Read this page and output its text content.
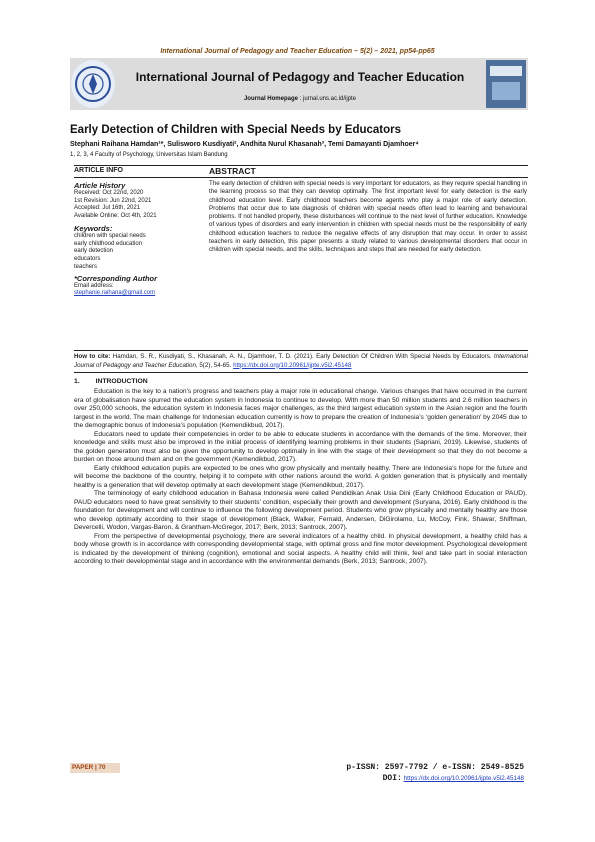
International Journal of Pedagogy and Teacher Education – 5(2) – 2021, pp54-pp65
International Journal of Pedagogy and Teacher Education
Journal Homepage : jurnal.uns.ac.id/ijpte
Early Detection of Children with Special Needs by Educators
Stephani Raihana Hamdan¹*, Sulisworo Kusdiyati², Andhita Nurul Khasanah³, Temi Damayanti Djamhoer⁴
1, 2, 3, 4 Faculty of Psychology, Universitas Islam Bandung
ARTICLE INFO	ABSTRACT
Article History
Received: Oct 22nd, 2020
1st Revision: Jun 22nd, 2021
Accepted: Jul 16th, 2021
Available Online: Oct 4th, 2021
Keywords:
children with special needs
early childhood education
early detection
educators
teachers
*Corresponding Author
Email address:
stephanie.raihana@gmail.com
The early detection of children with special needs is very important for educators, as they require special handling in the learning process so that they can develop optimally. The first important level for early detection is the early childhood education level. Early childhood teachers become agents who play a major role of early detection. Problems that occur due to late diagnosis of children with special needs often lead to learning and behavioural problems. If not handled properly, these disturbances will continue to the next level of further education. Knowledge of various types of disorders and early intervention in children with special needs must be the responsibility of early childhood education teachers to reduce the negative effects of any disruption that may occur. In order to assist teachers in early detection, this paper presents a study related to various developmental disorders that occur in children with special needs, and the skills, techniques and steps that are needed for early detection.
How to cite: Hamdan, S. R., Kusdiyati, S., Khasanah, A. N., Djamhoer, T. D. (2021). Early Detection Of Children With Special Needs by Educators. International Journal of Pedagogy and Teacher Education, 5(2), 54-65. https://dx.doi.org/10.20961/ijpte.v5i2.45148
1. INTRODUCTION

Education is the key to a nation’s progress and teachers play a major role in educational change. Various changes that have occurred in the current era of globalisation have spurred the education system in Indonesia to continue to develop. With more than 50 million students and 2.6 million teachers in over 250,000 schools, the education system in Indonesia faces major challenges, as the third largest education system in the Asian region and the fourth largest in the world. The main challenge for Indonesian education currently is how to prepare the creation of Indonesia’s ‘golden generation’ by 2045 due to the demographic bonus of Indonesia’s population (Kemendikbud, 2017).

Educators need to update their competencies in order to be able to educate students in accordance with the demands of the time. Moreover, their knowledge and skills must also be improved in the initial process of identifying learning problems in their students (Sapriani, 2019). Likewise, students of the golden generation must also be given the opportunity to develop optimally in line with the stage of their development so that they do not become a burden on those around them and on the government (Kemendikbud, 2017).

Early childhood education pupils are expected to be ones who grow physically and mentally healthy. There are Indonesia’s hope for the future and will become the backbone of the country, helping it to compete with other nations around the world. A golden generation that is physically and mentally healthy is a generation that will develop optimally at each development stage (Kemendikbud, 2017).

The terminology of early childhood education in Bahasa Indonesia were called Pendidikan Anak Usia Dini (Early Childhood Education or PAUD). PAUD educators need to have great sensitivity to their students’ condition, especially their growth and development (Suryana, 2016). Early childhood is the foundation for development and will continue to influence the following development period. Students who grow physically and mentally healthy are those who develop optimally according to their stage of development (Black, Walker, Fernald, Andersen, DiGirolamo, Lu, McCoy, Fink, Shawar, Shiffman, Devercelli, Wodon, Vargas-Baron, & Grantham-McGregor, 2017; Berk, 2013; Santrock, 2007).

From the perspective of developmental psychology, there are several indicators of a healthy child. In physical development, a healthy child has a body whose growth is in accordance with corresponding developmental stage, with optimal gross and fine motor development. Psychological development is indicated by the development of thinking (cognition), emotional and social aspects. A healthy child will think, feel and take part in social interaction according to their developmental stage and in accordance with the environmental demands (Berk, 2013; Santrock, 2007).

PAPER | 70	p-ISSN: 2597-7792 / e-ISSN: 2549-8525
DOI: https://dx.doi.org/10.20961/ijpte.v5i2.45148
